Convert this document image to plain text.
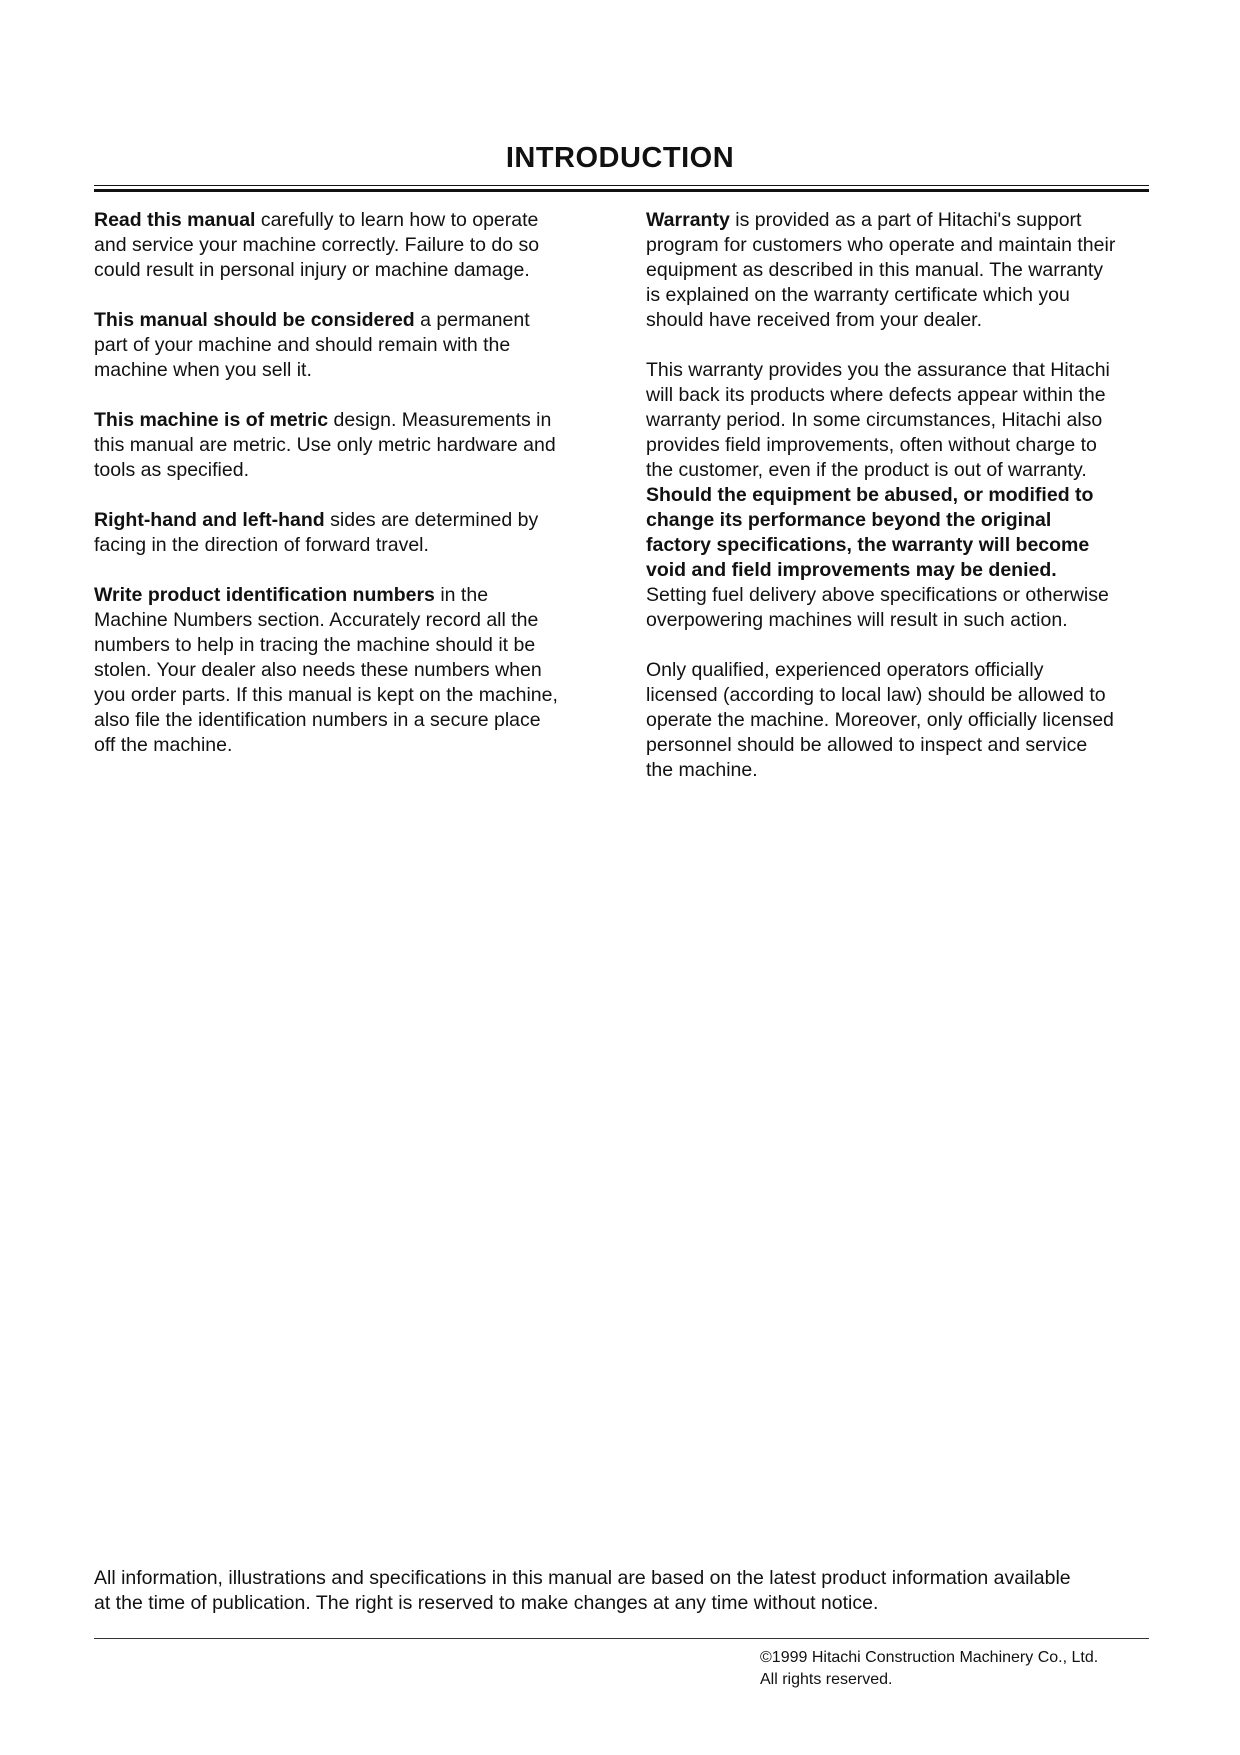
INTRODUCTION

Read this manual carefully to learn how to operate
and service your machine correctly. Failure to do so
could result in personal injury or machine damage.

This manual should be considered a permanent
part of your machine and should remain with the
machine when you sell it.

This machine is of metric design. Measurements in
this manual are metric. Use only metric hardware and
tools as specified.

Right-hand and left-hand sides are determined by
facing in the direction of forward travel.

Write product identification numbers in the
Machine Numbers section. Accurately record all the
numbers to help in tracing the machine should it be
stolen. Your dealer also needs these numbers when
you order parts. If this manual is kept on the machine,
also file the identification numbers in a secure place
off the machine.

Warranty is provided as a part of Hitachi's support
program for customers who operate and maintain their
equipment as described in this manual. The warranty
is explained on the warranty certificate which you
should have received from your dealer.

This warranty provides you the assurance that Hitachi
will back its products where defects appear within the
warranty period. In some circumstances, Hitachi also
provides field improvements, often without charge to
the customer, even if the product is out of warranty.

Should the equipment be abused, or modified to
change its performance beyond the original
factory specifications, the warranty will become
void and field improvements may be denied.

Setting fuel delivery above specifications or otherwise
overpowering machines will result in such action.

Only qualified, experienced operators officially
licensed (according to local law) should be allowed to
operate the machine. Moreover, only officially licensed
personnel should be allowed to inspect and service
the machine.

All information, illustrations and specifications in this manual are based on the latest product information available
at the time of publication. The right is reserved to make changes at any time without notice.

©1999 Hitachi Construction Machinery Co., Ltd.
All rights reserved.
